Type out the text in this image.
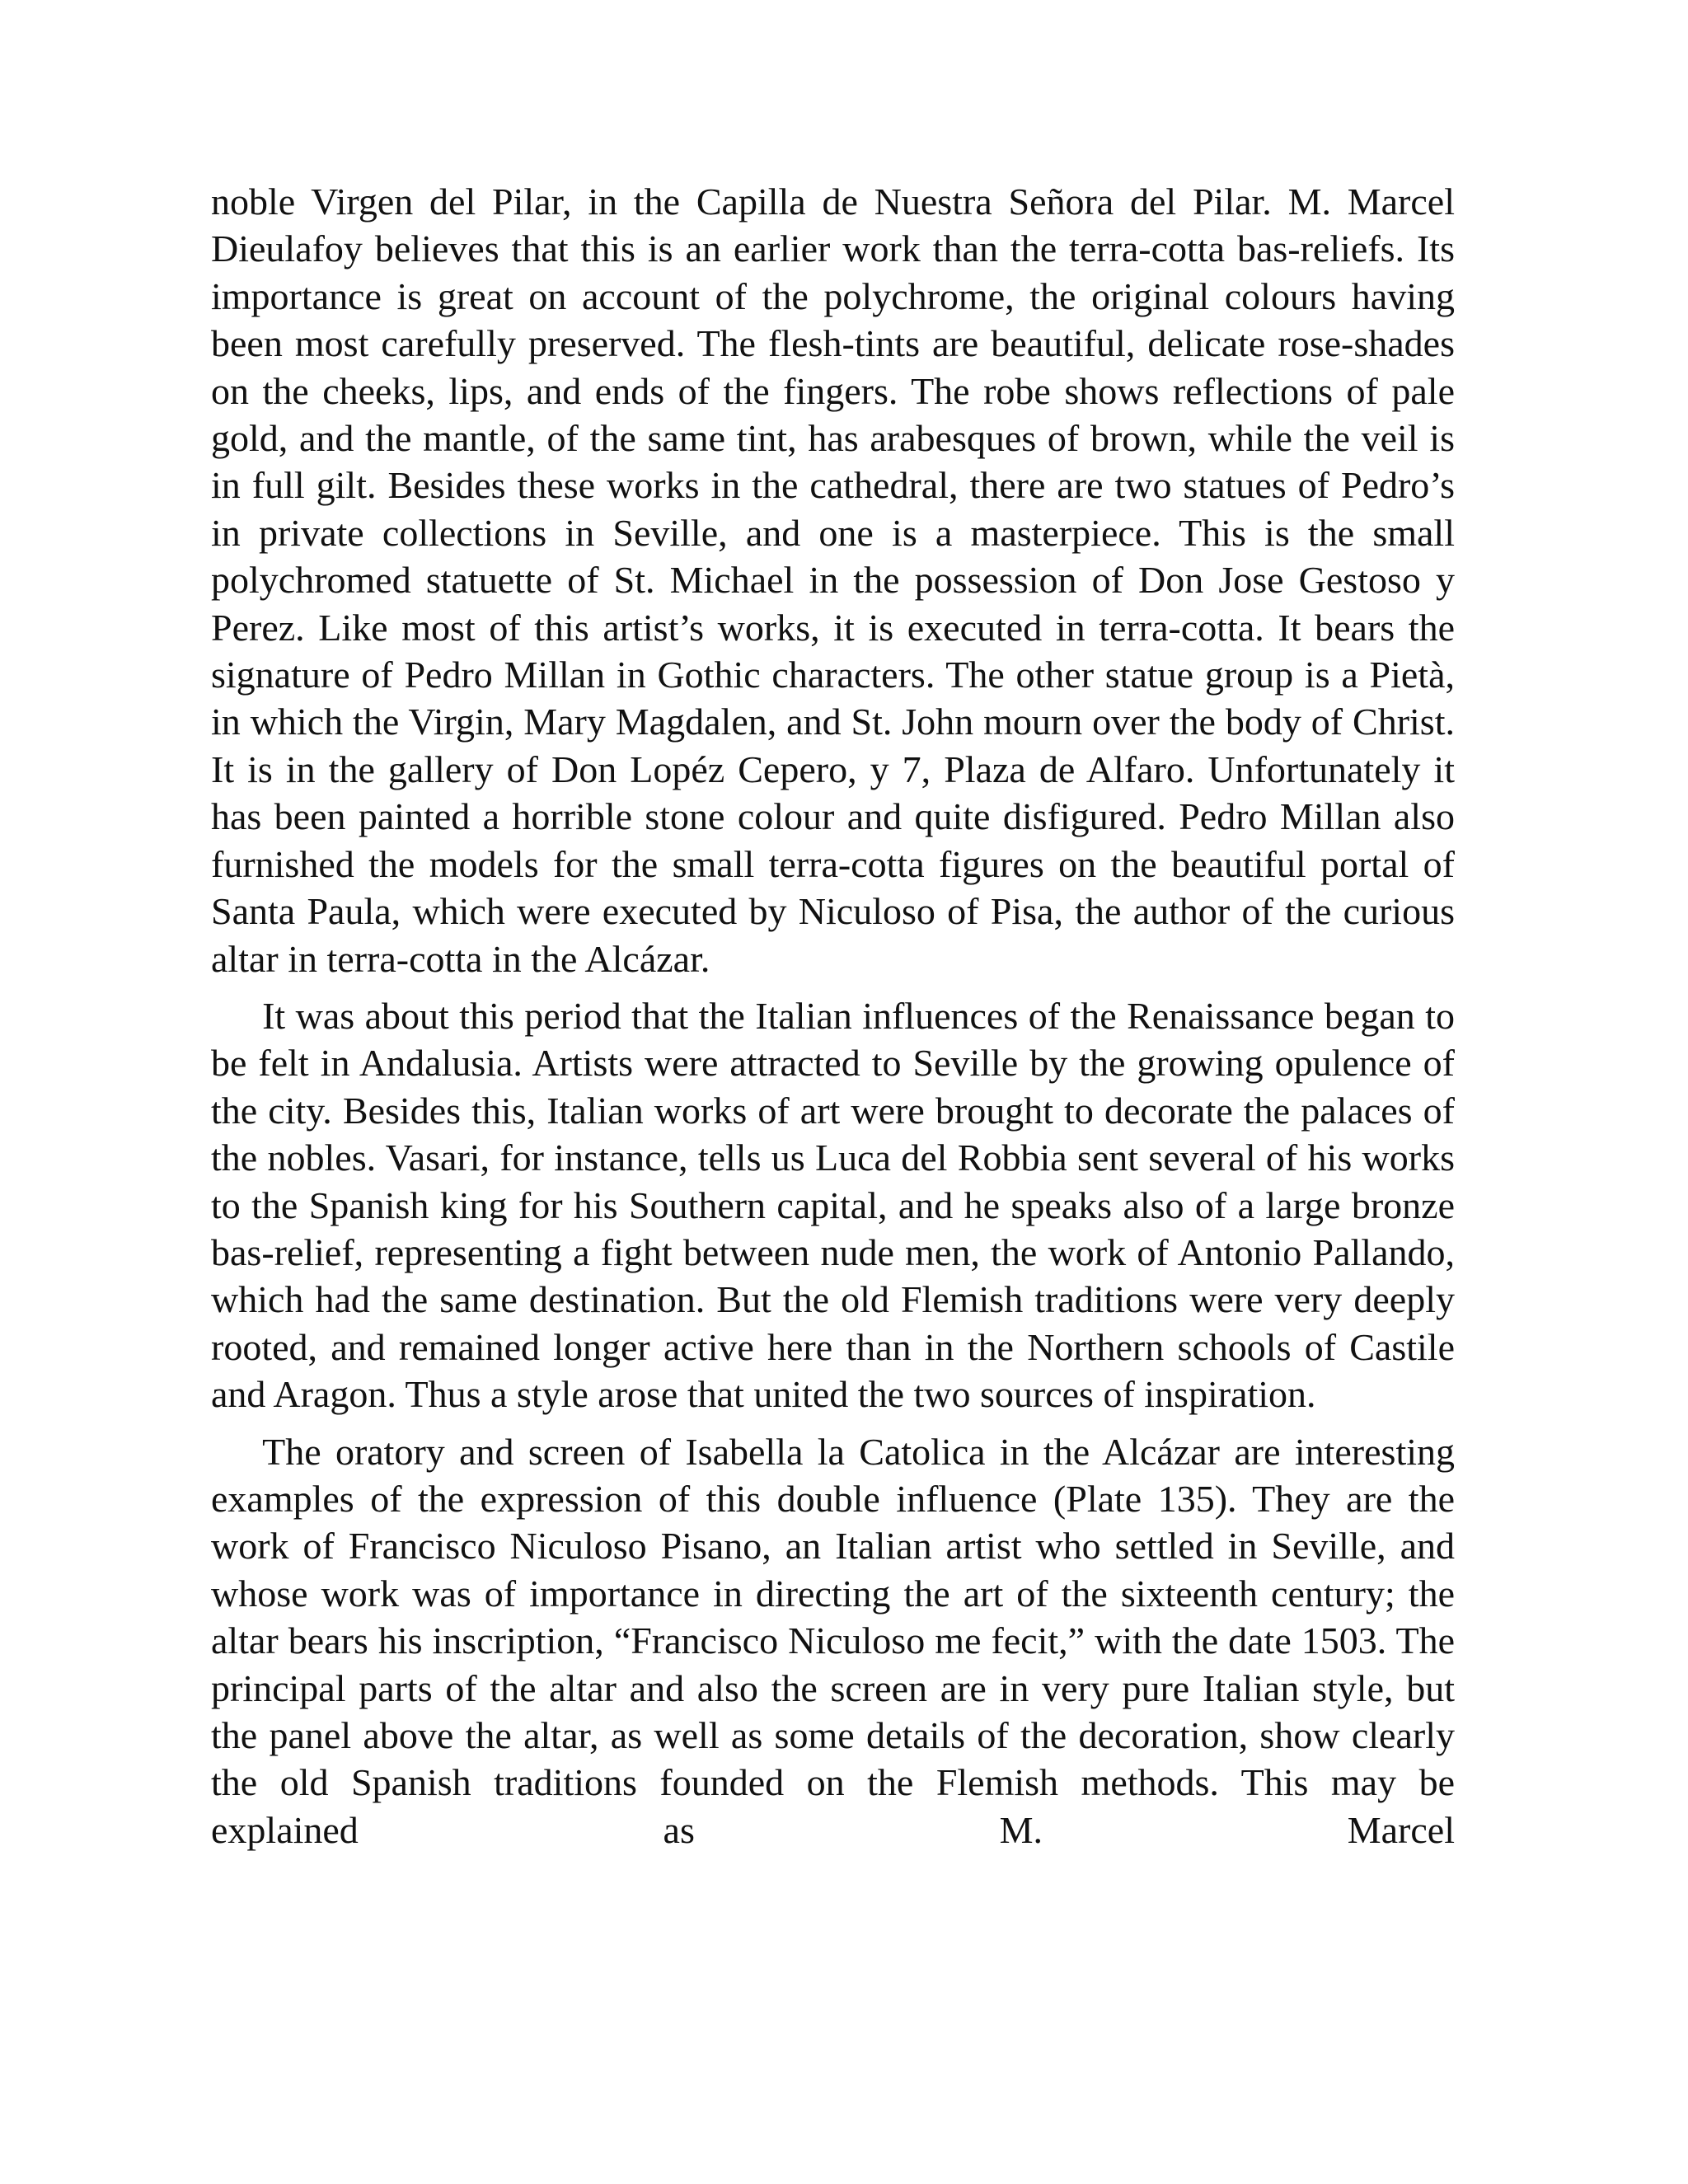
noble Virgen del Pilar, in the Capilla de Nuestra Señora del Pilar. M. Marcel Dieulafoy believes that this is an earlier work than the terra-cotta bas-reliefs. Its importance is great on account of the polychrome, the original colours having been most carefully preserved. The flesh-tints are beautiful, delicate rose-shades on the cheeks, lips, and ends of the fingers. The robe shows reflections of pale gold, and the mantle, of the same tint, has arabesques of brown, while the veil is in full gilt. Besides these works in the cathedral, there are two statues of Pedro’s in private collections in Seville, and one is a masterpiece. This is the small polychromed statuette of St. Michael in the possession of Don Jose Gestoso y Perez. Like most of this artist’s works, it is executed in terra-cotta. It bears the signature of Pedro Millan in Gothic characters. The other statue group is a Pietà, in which the Virgin, Mary Magdalen, and St. John mourn over the body of Christ. It is in the gallery of Don Lopéz Cepero, y 7, Plaza de Alfaro. Unfortunately it has been painted a horrible stone colour and quite disfigured. Pedro Millan also furnished the models for the small terra-cotta figures on the beautiful portal of Santa Paula, which were executed by Niculoso of Pisa, the author of the curious altar in terra-cotta in the Alcázar.

It was about this period that the Italian influences of the Renaissance began to be felt in Andalusia. Artists were attracted to Seville by the growing opulence of the city. Besides this, Italian works of art were brought to decorate the palaces of the nobles. Vasari, for instance, tells us Luca del Robbia sent several of his works to the Spanish king for his Southern capital, and he speaks also of a large bronze bas-relief, representing a fight between nude men, the work of Antonio Pallando, which had the same destination. But the old Flemish traditions were very deeply rooted, and remained longer active here than in the Northern schools of Castile and Aragon. Thus a style arose that united the two sources of inspiration.

The oratory and screen of Isabella la Catolica in the Alcázar are interesting examples of the expression of this double influence (Plate 135). They are the work of Francisco Niculoso Pisano, an Italian artist who settled in Seville, and whose work was of importance in directing the art of the sixteenth century; the altar bears his inscription, “Francisco Niculoso me fecit,” with the date 1503. The principal parts of the altar and also the screen are in very pure Italian style, but the panel above the altar, as well as some details of the decoration, show clearly the old Spanish traditions founded on the Flemish methods. This may be explained as M. Marcel
